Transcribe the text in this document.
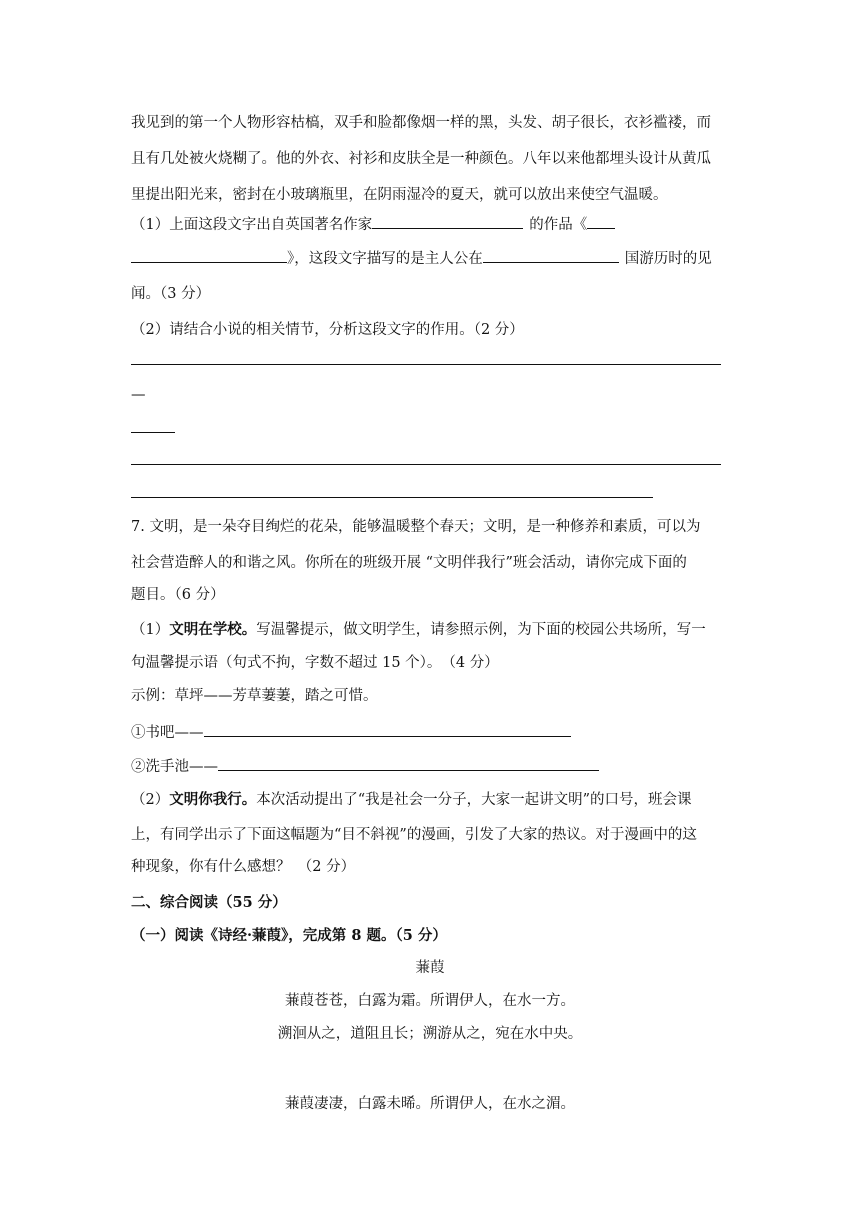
我见到的第一个人物形容枯槁，双手和脸都像烟一样的黑，头发、胡子很长，衣衫褴褛，而
且有几处被火烧糊了。他的外衣、衬衫和皮肤全是一种颜色。八年以来他都埋头设计从黄瓜
里提出阳光来，密封在小玻璃瓶里，在阴雨湿冷的夏天，就可以放出来使空气温暖。
（1）上面这段文字出自英国著名作家	的作品《
》，这段文字描写的是主人公在	国游历时的见
闻。（3 分）
（2）请结合小说的相关情节，分析这段文字的作用。（2 分）
—
7. 文明，是一朵夺目绚烂的花朵，能够温暖整个春天；文明，是一种修养和素质，可以为
社会营造醉人的和谐之风。你所在的班级开展 “文明伴我行”班会活动，请你完成下面的
题目。（6 分）
（1）文明在学校。写温馨提示，做文明学生，请参照示例，为下面的校园公共场所，写一
句温馨提示语（句式不拘，字数不超过 15 个）。　（4 分）
示例：草坪——芳草萋萋，踏之可惜。
①书吧——
②洗手池——
（2）文明你我行。本次活动提出了“我是社会一分子，大家一起讲文明”的口号，班会课
上，有同学出示了下面这幅题为“目不斜视”的漫画，引发了大家的热议。对于漫画中的这
种现象，你有什么感想？　（2 分）
二、综合阅读（55 分）
（一）阅读《诗经·蒹葭》，完成第 8 题。（5 分）
蒹葭
蒹葭苍苍，白露为霜。所谓伊人，在水一方。
溯洄从之，道阻且长；溯游从之，宛在水中央。
蒹葭凄凄，白露未晞。所谓伊人，在水之湄。
